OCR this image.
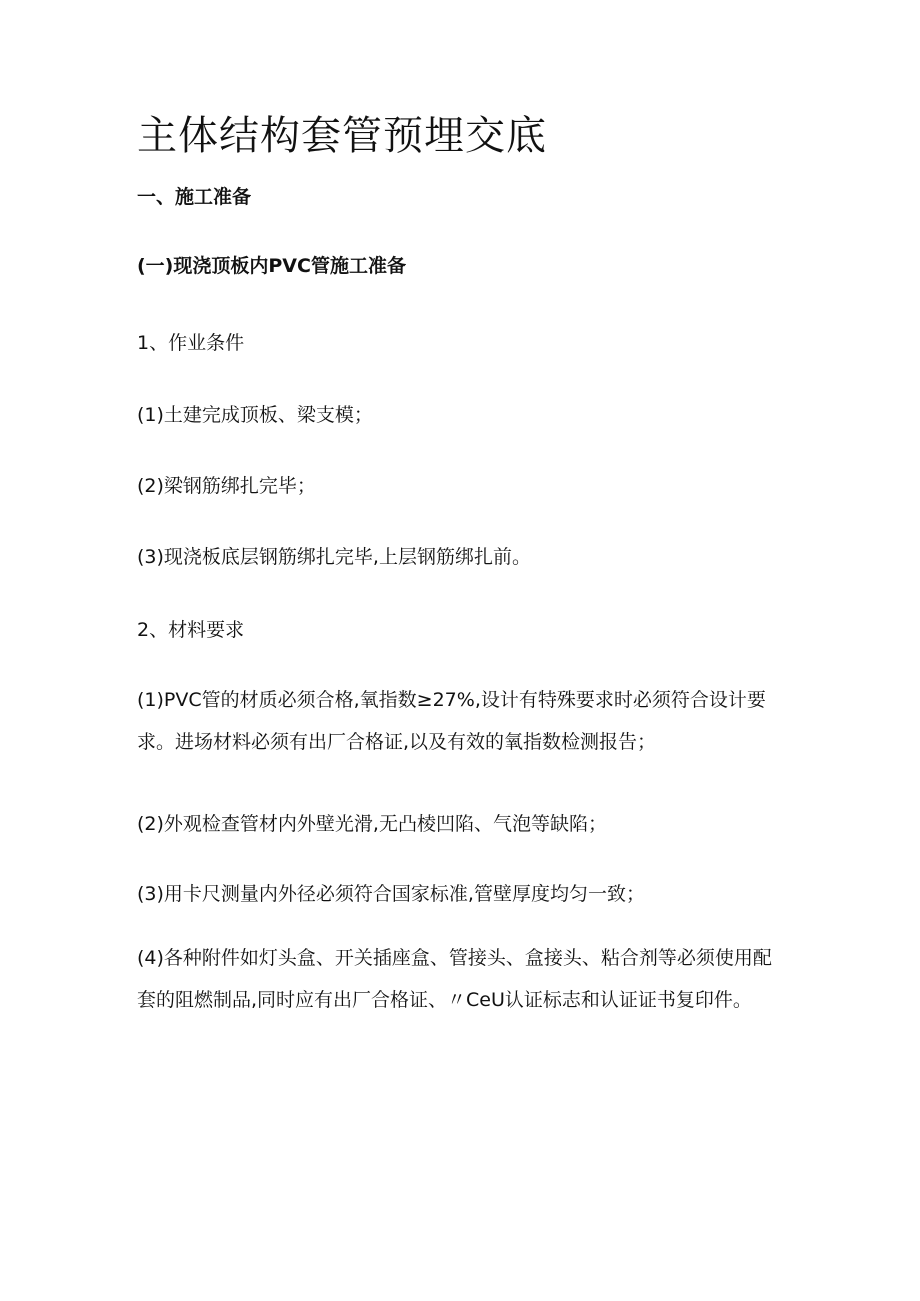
主体结构套管预埋交底
一、施工准备
(一)现浇顶板内PVC管施工准备

1、作业条件

(1)土建完成顶板、梁支模；

(2)梁钢筋绑扎完毕；

(3)现浇板底层钢筋绑扎完毕,上层钢筋绑扎前。

2、材料要求

(1)PVC管的材质必须合格,氧指数≥27%,设计有特殊要求时必须符合设计要求。进场材料必须有出厂合格证,以及有效的氧指数检测报告；

(2)外观检查管材内外壁光滑,无凸棱凹陷、气泡等缺陷；

(3)用卡尺测量内外径必须符合国家标准,管壁厚度均匀一致；

(4)各种附件如灯头盒、开关插座盒、管接头、盒接头、粘合剂等必须使用配套的阻燃制品,同时应有出厂合格证、〃CeU认证标志和认证证书复印件。
